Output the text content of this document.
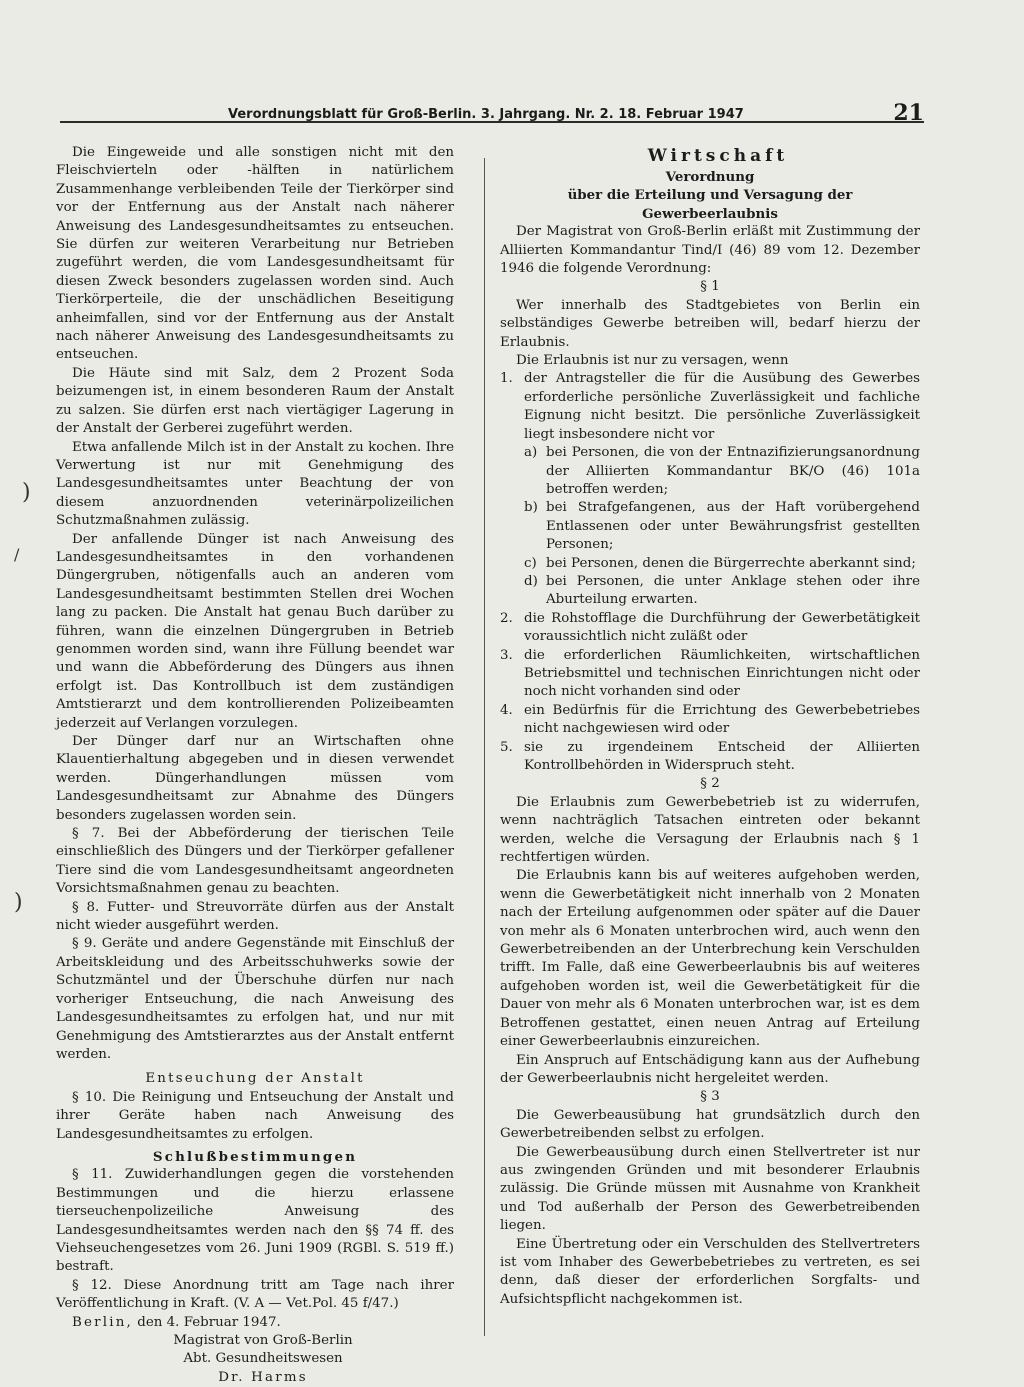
Verordnungsblatt für Groß-Berlin. 3. Jahrgang. Nr. 2. 18. Februar 1947	21
)
/
)

Die Eingeweide und alle sonstigen nicht mit den Fleischvierteln oder -hälften in natürlichem Zusammenhange verbleibenden Teile der Tierkörper sind vor der Entfernung aus der Anstalt nach näherer Anweisung des Landesgesundheitsamtes zu entseuchen. Sie dürfen zur weiteren Verarbeitung nur Betrieben zugeführt werden, die vom Landesgesundheitsamt für diesen Zweck besonders zugelassen worden sind. Auch Tierkörperteile, die der unschädlichen Beseitigung anheimfallen, sind vor der Entfernung aus der Anstalt nach näherer Anweisung des Landesgesundheitsamts zu entseuchen.

Die Häute sind mit Salz, dem 2 Prozent Soda beizumengen ist, in einem besonderen Raum der Anstalt zu salzen. Sie dürfen erst nach viertägiger Lagerung in der Anstalt der Gerberei zugeführt werden.

Etwa anfallende Milch ist in der Anstalt zu kochen. Ihre Verwertung ist nur mit Genehmigung des Landesgesundheitsamtes unter Beachtung der von diesem anzuordnenden veterinärpolizeilichen Schutzmaßnahmen zulässig.

Der anfallende Dünger ist nach Anweisung des Landesgesundheitsamtes in den vorhandenen Düngergruben, nötigenfalls auch an anderen vom Landesgesundheitsamt bestimmten Stellen drei Wochen lang zu packen. Die Anstalt hat genau Buch darüber zu führen, wann die einzelnen Düngergruben in Betrieb genommen worden sind, wann ihre Füllung beendet war und wann die Abbeförderung des Düngers aus ihnen erfolgt ist. Das Kontrollbuch ist dem zuständigen Amtstierarzt und dem kontrollierenden Polizeibeamten jederzeit auf Verlangen vorzulegen.

Der Dünger darf nur an Wirtschaften ohne Klauentierhaltung abgegeben und in diesen verwendet werden. Düngerhandlungen müssen vom Landesgesundheitsamt zur Abnahme des Düngers besonders zugelassen worden sein.

§ 7. Bei der Abbeförderung der tierischen Teile einschließlich des Düngers und der Tierkörper gefallener Tiere sind die vom Landesgesundheitsamt angeordneten Vorsichtsmaßnahmen genau zu beachten.

§ 8. Futter- und Streuvorräte dürfen aus der Anstalt nicht wieder ausgeführt werden.

§ 9. Geräte und andere Gegenstände mit Einschluß der Arbeitskleidung und des Arbeitsschuhwerks sowie der Schutzmäntel und der Überschuhe dürfen nur nach vorheriger Entseuchung, die nach Anweisung des Landesgesundheitsamtes zu erfolgen hat, und nur mit Genehmigung des Amtstierarztes aus der Anstalt entfernt werden.

Entseuchung der Anstalt

§ 10. Die Reinigung und Entseuchung der Anstalt und ihrer Geräte haben nach Anweisung des Landesgesundheitsamtes zu erfolgen.

Schlußbestimmungen

§ 11. Zuwiderhandlungen gegen die vorstehenden Bestimmungen und die hierzu erlassene tierseuchenpolizeiliche Anweisung des Landesgesundheitsamtes werden nach den §§ 74 ff. des Viehseuchengesetzes vom 26. Juni 1909 (RGBl. S. 519 ff.) bestraft.

§ 12. Diese Anordnung tritt am Tage nach ihrer Veröffentlichung in Kraft. (V. A — Vet.Pol. 45 f/47.)

Berlin, den 4. Februar 1947.

Magistrat von Groß-Berlin

Abt. Gesundheitswesen

Dr. Harms

Wirtschaft

Verordnung

über die Erteilung und Versagung der Gewerbeerlaubnis

Der Magistrat von Groß-Berlin erläßt mit Zustimmung der Alliierten Kommandantur Tind/I (46) 89 vom 12. Dezember 1946 die folgende Verordnung:

§ 1

Wer innerhalb des Stadtgebietes von Berlin ein selbständiges Gewerbe betreiben will, bedarf hierzu der Erlaubnis.

Die Erlaubnis ist nur zu versagen, wenn

1. der Antragsteller die für die Ausübung des Gewerbes erforderliche persönliche Zuverlässigkeit und fachliche Eignung nicht besitzt. Die persönliche Zuverlässigkeit liegt insbesondere nicht vor
a) bei Personen, die von der Entnazifizierungsanordnung der Alliierten Kommandantur BK/O (46) 101a betroffen werden;
b) bei Strafgefangenen, aus der Haft vorübergehend Entlassenen oder unter Bewährungsfrist gestellten Personen;
c) bei Personen, denen die Bürgerrechte aberkannt sind;
d) bei Personen, die unter Anklage stehen oder ihre Aburteilung erwarten.
2. die Rohstofflage die Durchführung der Gewerbetätigkeit voraussichtlich nicht zuläßt oder
3. die erforderlichen Räumlichkeiten, wirtschaftlichen Betriebsmittel und technischen Einrichtungen nicht oder noch nicht vorhanden sind oder
4. ein Bedürfnis für die Errichtung des Gewerbebetriebes nicht nachgewiesen wird oder
5. sie zu irgendeinem Entscheid der Alliierten Kontrollbehörden in Widerspruch steht.

§ 2

Die Erlaubnis zum Gewerbebetrieb ist zu widerrufen, wenn nachträglich Tatsachen eintreten oder bekannt werden, welche die Versagung der Erlaubnis nach § 1 rechtfertigen würden.

Die Erlaubnis kann bis auf weiteres aufgehoben werden, wenn die Gewerbetätigkeit nicht innerhalb von 2 Monaten nach der Erteilung aufgenommen oder später auf die Dauer von mehr als 6 Monaten unterbrochen wird, auch wenn den Gewerbetreibenden an der Unterbrechung kein Verschulden trifft. Im Falle, daß eine Gewerbeerlaubnis bis auf weiteres aufgehoben worden ist, weil die Gewerbetätigkeit für die Dauer von mehr als 6 Monaten unterbrochen war, ist es dem Betroffenen gestattet, einen neuen Antrag auf Erteilung einer Gewerbeerlaubnis einzureichen.

Ein Anspruch auf Entschädigung kann aus der Aufhebung der Gewerbeerlaubnis nicht hergeleitet werden.

§ 3

Die Gewerbeausübung hat grundsätzlich durch den Gewerbetreibenden selbst zu erfolgen.

Die Gewerbeausübung durch einen Stellvertreter ist nur aus zwingenden Gründen und mit besonderer Erlaubnis zulässig. Die Gründe müssen mit Ausnahme von Krankheit und Tod außerhalb der Person des Gewerbetreibenden liegen.

Eine Übertretung oder ein Verschulden des Stellvertreters ist vom Inhaber des Gewerbebetriebes zu vertreten, es sei denn, daß dieser der erforderlichen Sorgfalts- und Aufsichtspflicht nachgekommen ist.
